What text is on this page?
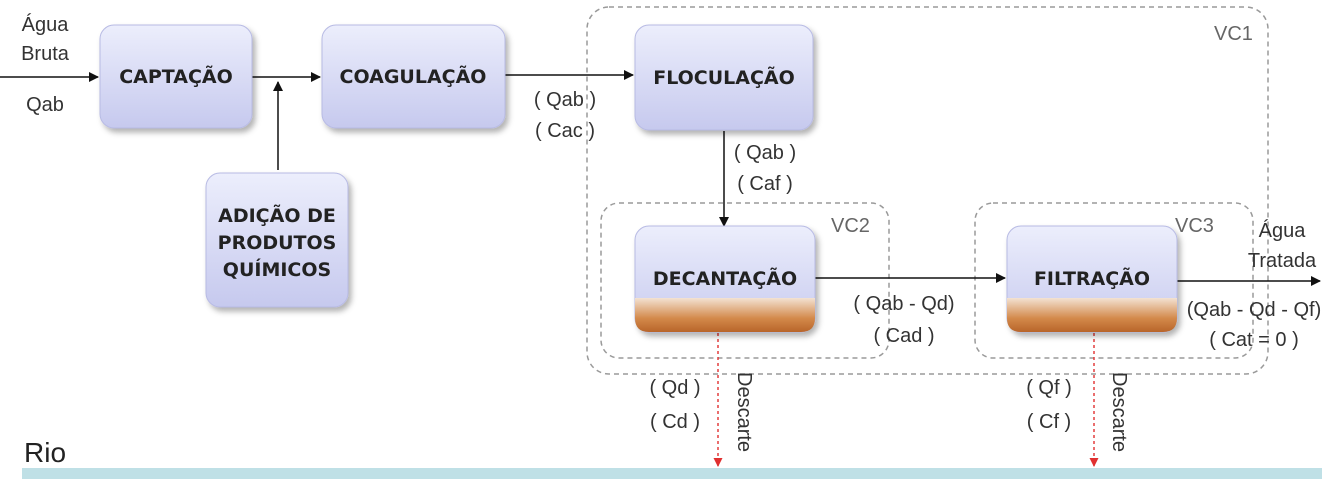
VC1
VC2	VC3
Rio
CAPTAÇÃO	COAGULAÇÃO	FLOCULAÇÃO
ADIÇÃO DE
PRODUTOS
QUÍMICOS	DECANTAÇÃO	FILTRAÇÃO
Água
Bruta
Qab	( Qab )
( Cac )
( Qab )
( Caf )
( Qab - Qd)
( Cad )
(Qab - Qd - Qf)
( Cat = 0 )
Água
Tratada
( Qd )
( Cd ) Descarte	( Qf )
( Cf ) Descarte
